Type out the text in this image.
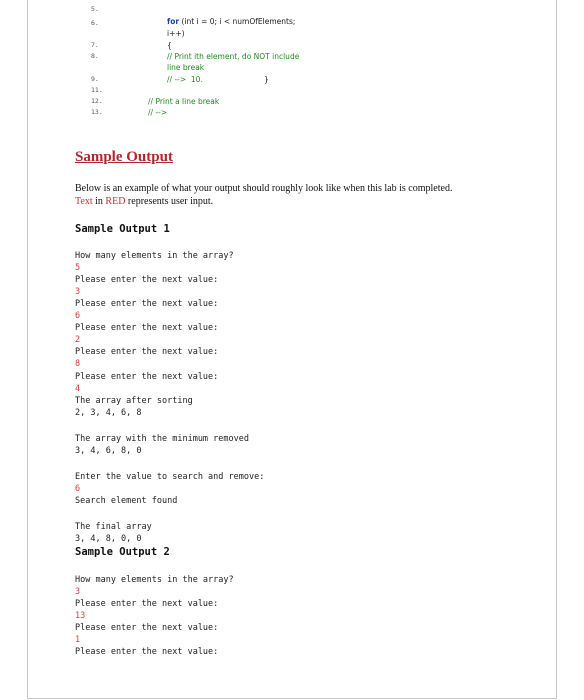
5.
6.
7.
8.
9.
11.
12.
13.
for (int i = 0; i < numOfElements;
i++)
{
// Print ith element, do NOT include
line break
// -->  10.	}
// Print a line break
// -->
Sample Output
Below is an example of what your output should roughly look like when this lab is completed.
Text in RED represents user input.
Sample Output 1
How many elements in the array?
5
Please enter the next value:
3
Please enter the next value:
6
Please enter the next value:
2
Please enter the next value:
8
Please enter the next value:
4
The array after sorting
2, 3, 4, 6, 8
The array with the minimum removed
3, 4, 6, 8, 0
Enter the value to search and remove:
6
Search element found
The final array
3, 4, 8, 0, 0
Sample Output 2
How many elements in the array?
3
Please enter the next value:
13
Please enter the next value:
1
Please enter the next value:
